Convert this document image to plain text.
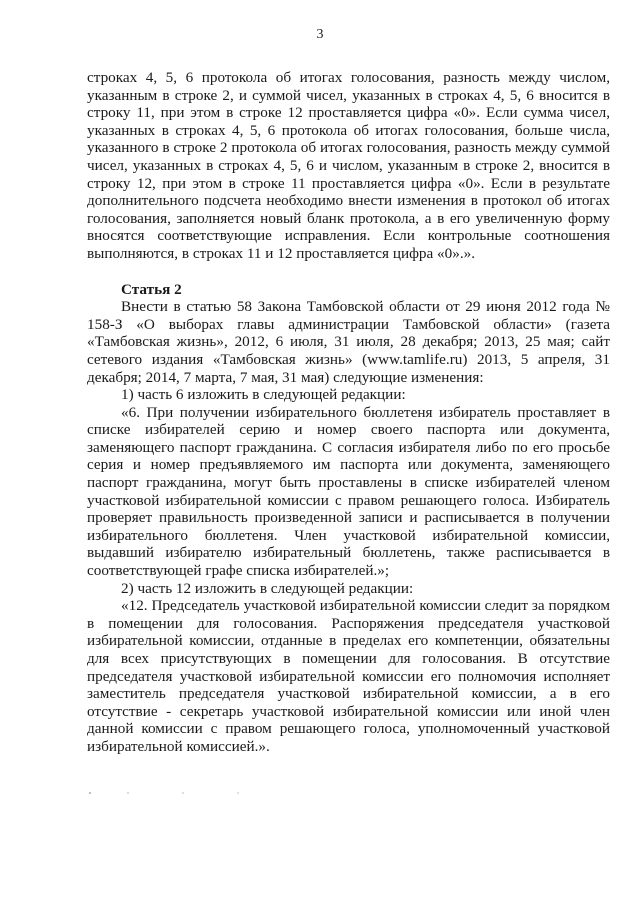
3

строках 4, 5, 6 протокола об итогах голосования, разность между числом, указанным в строке 2, и суммой чисел, указанных в строках 4, 5, 6 вносится в строку 11, при этом в строке 12 проставляется цифра «0». Если сумма чисел, указанных в строках 4, 5, 6 протокола об итогах голосования, больше числа, указанного в строке 2 протокола об итогах голосования, разность между суммой чисел, указанных в строках 4, 5, 6 и числом, указанным в строке 2, вносится в строку 12, при этом в строке 11 проставляется цифра «0». Если в результате дополнительного подсчета необходимо внести изменения в протокол об итогах голосования, заполняется новый бланк протокола, а в его увеличенную форму вносятся соответствующие исправления. Если контрольные соотношения выполняются, в строках 11 и 12 проставляется цифра «0».».

Статья 2

Внести в статью 58 Закона Тамбовской области от 29 июня 2012 года № 158-З «О выборах главы администрации Тамбовской области» (газета «Тамбовская жизнь», 2012, 6 июля, 31 июля, 28 декабря; 2013, 25 мая; сайт сетевого издания «Тамбовская жизнь» (www.tamlife.ru) 2013, 5 апреля, 31 декабря; 2014, 7 марта, 7 мая, 31 мая) следующие изменения:

1) часть 6 изложить в следующей редакции:

«6. При получении избирательного бюллетеня избиратель проставляет в списке избирателей серию и номер своего паспорта или документа, заменяющего паспорт гражданина. С согласия избирателя либо по его просьбе серия и номер предъявляемого им паспорта или документа, заменяющего паспорт гражданина, могут быть проставлены в списке избирателей членом участковой избирательной комиссии с правом решающего голоса. Избиратель проверяет правильность произведенной записи и расписывается в получении избирательного бюллетеня. Член участковой избирательной комиссии, выдавший избирателю избирательный бюллетень, также расписывается в соответствующей графе списка избирателей.»;

2) часть 12 изложить в следующей редакции:

«12. Председатель участковой избирательной комиссии следит за порядком в помещении для голосования. Распоряжения председателя участковой избирательной комиссии, отданные в пределах его компетенции, обязательны для всех присутствующих в помещении для голосования. В отсутствие председателя участковой избирательной комиссии его полномочия исполняет заместитель председателя участковой избирательной комиссии, а в его отсутствие - секретарь участковой избирательной комиссии или иной член данной комиссии с правом решающего голоса, уполномоченный участковой избирательной комиссией.».
